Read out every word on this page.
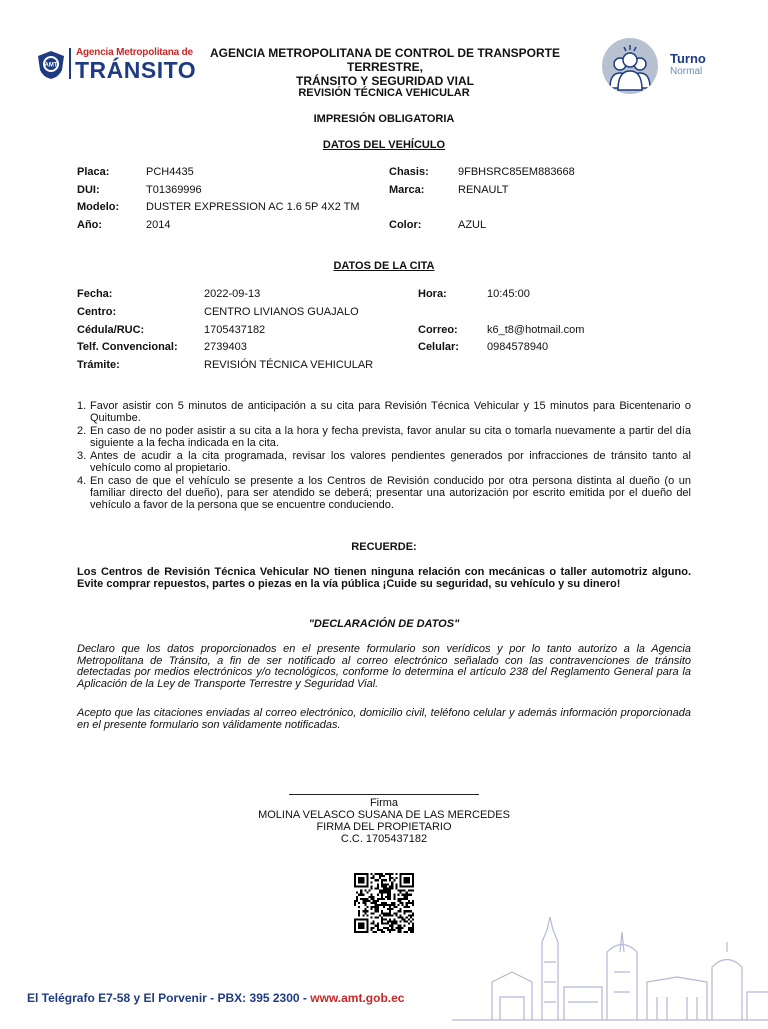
AMT
Agencia Metropolitana de
TRÁNSITO
AGENCIA METROPOLITANA DE CONTROL DE TRANSPORTE TERRESTRE,
TRÁNSITO Y SEGURIDAD VIAL
Turno
Normal
REVISIÓN TÉCNICA VEHICULAR
IMPRESIÓN OBLIGATORIA
DATOS DEL VEHÍCULO
Placa:	PCH4435	Chasis:	9FBHSRC85EM883668
DUI:	T01369996	Marca:	RENAULT
Modelo: DUSTER EXPRESSION AC 1.6 5P 4X2 TM
Año:	2014	Color:	AZUL
DATOS DE LA CITA
Fecha:	2022-09-13	Hora:	10:45:00
Centro:	CENTRO LIVIANOS GUAJALO
Cédula/RUC:	1705437182	Correo:	k6_t8@hotmail.com
Telf. Convencional: 2739403	Celular:	0984578940
Trámite:	REVISIÓN TÉCNICA VEHICULAR
1. Favor asistir con 5 minutos de anticipación a su cita para Revisión Técnica Vehicular y 15 minutos para Bicentenario o Quitumbe.
2. En caso de no poder asistir a su cita a la hora y fecha prevista, favor anular su cita o tomarla nuevamente a partir del día siguiente a la fecha indicada en la cita.
3. Antes de acudir a la cita programada, revisar los valores pendientes generados por infracciones de tránsito tanto al vehículo como al propietario.
4. En caso de que el vehículo se presente a los Centros de Revisión conducido por otra persona distinta al dueño (o un familiar directo del dueño), para ser atendido se deberá; presentar una autorización por escrito emitida por el dueño del vehículo a favor de la persona que se encuentre conduciendo.
RECUERDE:
Los Centros de Revisión Técnica Vehicular NO tienen ninguna relación con mecánicas o taller automotriz alguno. Evite comprar repuestos, partes o piezas en la vía pública ¡Cuide su seguridad, su vehículo y su dinero!
"DECLARACIÓN DE DATOS"
Declaro que los datos proporcionados en el presente formulario son verídicos y por lo tanto autorizo a la Agencia Metropolitana de Tránsito, a fin de ser notificado al correo electrónico señalado con las contravenciones de tránsito detectadas por medios electrónicos y/o tecnológicos, conforme lo determina el artículo 238 del Reglamento General para la Aplicación de la Ley de Transporte Terrestre y Seguridad Vial.
Acepto que las citaciones enviadas al correo electrónico, domicilio civil, teléfono celular y además información proporcionada en el presente formulario son válidamente notificadas.
Firma
MOLINA VELASCO SUSANA DE LAS MERCEDES
FIRMA DEL PROPIETARIO
C.C. 1705437182
El Telégrafo E7-58 y El Porvenir - PBX: 395 2300 - www.amt.gob.ec
